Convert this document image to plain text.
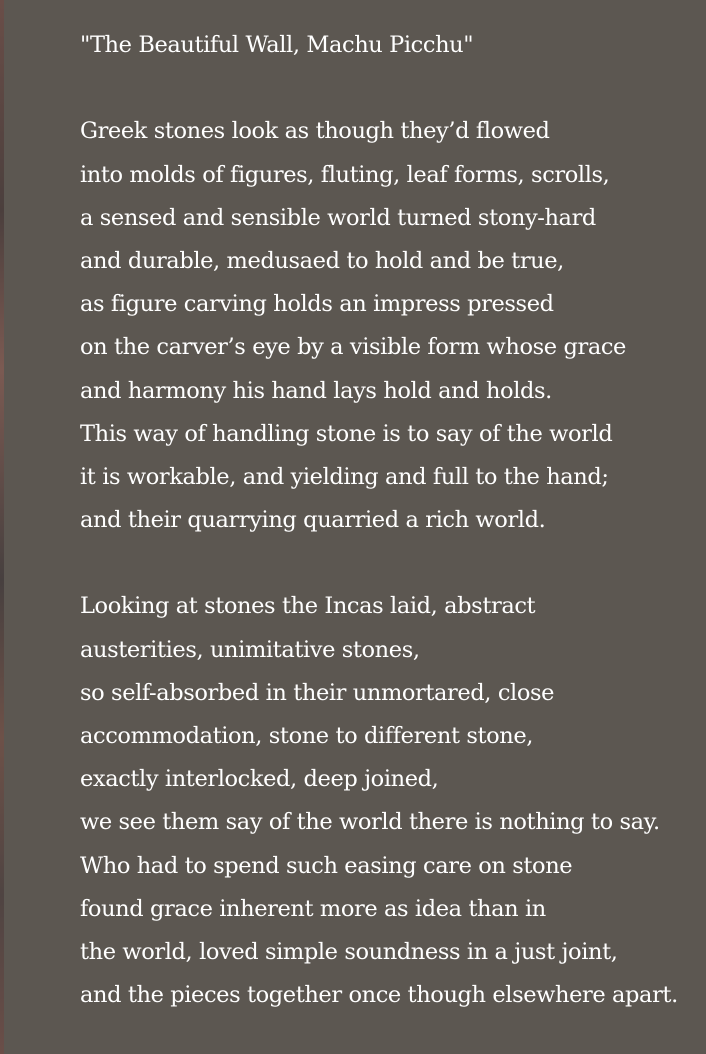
"The Beautiful Wall, Machu Picchu"
Greek stones look as though they’d flowed
into molds of figures, fluting, leaf forms, scrolls,
a sensed and sensible world turned stony-hard
and durable, medusaed to hold and be true,
as figure carving holds an impress pressed
on the carver’s eye by a visible form whose grace
and harmony his hand lays hold and holds.
This way of handling stone is to say of the world
it is workable, and yielding and full to the hand;
and their quarrying quarried a rich world.
Looking at stones the Incas laid, abstract
austerities, unimitative stones,
so self-absorbed in their unmortared, close
accommodation, stone to different stone,
exactly interlocked, deep joined,
we see them say of the world there is nothing to say.
Who had to spend such easing care on stone
found grace inherent more as idea than in
the world, loved simple soundness in a just joint,
and the pieces together once though elsewhere apart.
